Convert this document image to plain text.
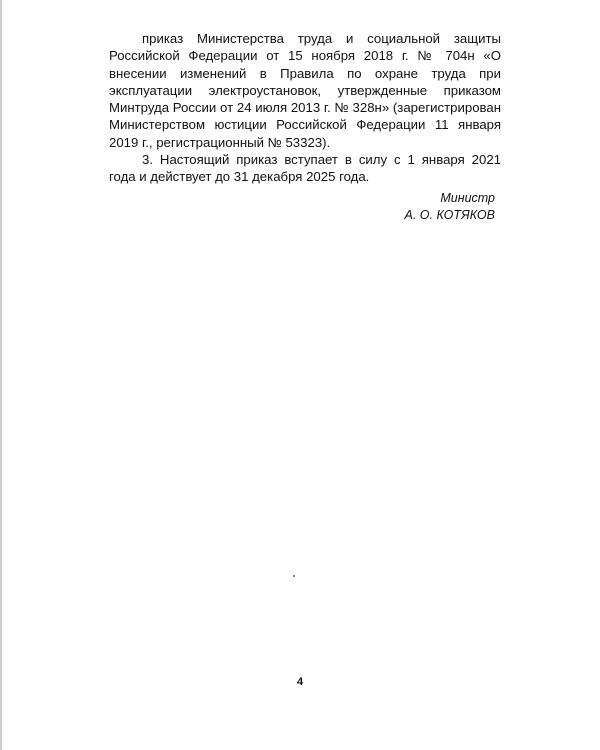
приказ Министерства труда и социальной защиты Российской Федерации от 15 ноября 2018 г. № 704н «О внесении изменений в Правила по охране труда при эксплуатации электроустановок, утвержденные приказом Минтруда России от 24 июля 2013 г. № 328н» (зарегистрирован Министерством юстиции Российской Федерации 11 января 2019 г., регистрационный № 53323).

3. Настоящий приказ вступает в силу с 1 января 2021 года и действует до 31 декабря 2025 года.

Министр
А. О. КОТЯКОВ
4
